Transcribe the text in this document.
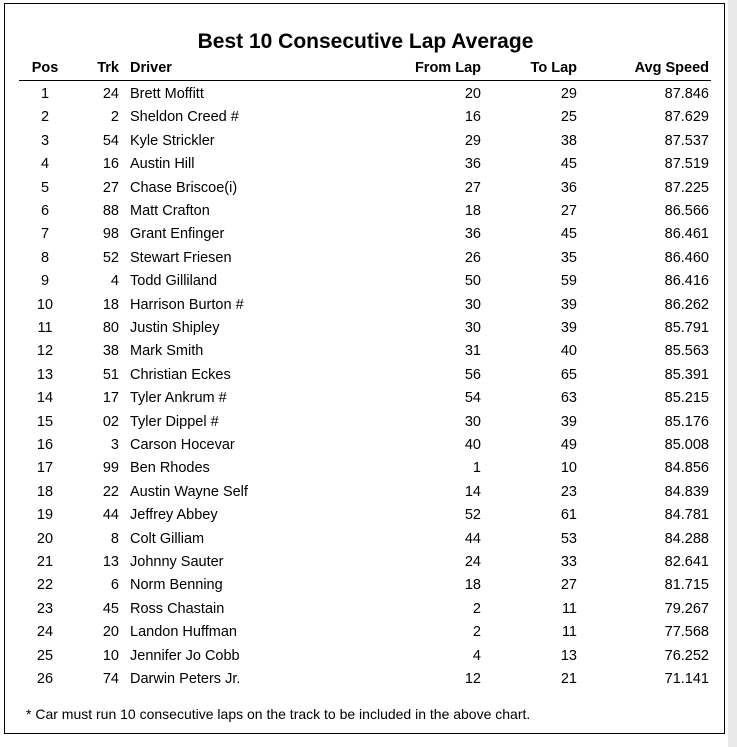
Best 10 Consecutive Lap Average
Pos	Trk Driver	From Lap	To Lap	Avg Speed
1	24 Brett Moffitt	20	29	87.846
2	2 Sheldon Creed #	16	25	87.629
3	54 Kyle Strickler	29	38	87.537
4	16 Austin Hill	36	45	87.519
5	27 Chase Briscoe(i)	27	36	87.225
6	88 Matt Crafton	18	27	86.566
7	98 Grant Enfinger	36	45	86.461
8	52 Stewart Friesen	26	35	86.460
9	4 Todd Gilliland	50	59	86.416
10	18 Harrison Burton #	30	39	86.262
11	80 Justin Shipley	30	39	85.791
12	38 Mark Smith	31	40	85.563
13	51 Christian Eckes	56	65	85.391
14	17 Tyler Ankrum #	54	63	85.215
15	02 Tyler Dippel #	30	39	85.176
16	3 Carson Hocevar	40	49	85.008
17	99 Ben Rhodes	1	10	84.856
18	22 Austin Wayne Self	14	23	84.839
19	44 Jeffrey Abbey	52	61	84.781
20	8 Colt Gilliam	44	53	84.288
21	13 Johnny Sauter	24	33	82.641
22	6 Norm Benning	18	27	81.715
23	45 Ross Chastain	2	11	79.267
24	20 Landon Huffman	2	11	77.568
25	10 Jennifer Jo Cobb	4	13	76.252
26	74 Darwin Peters Jr.	12	21	71.141
* Car must run 10 consecutive laps on the track to be included in the above chart.
